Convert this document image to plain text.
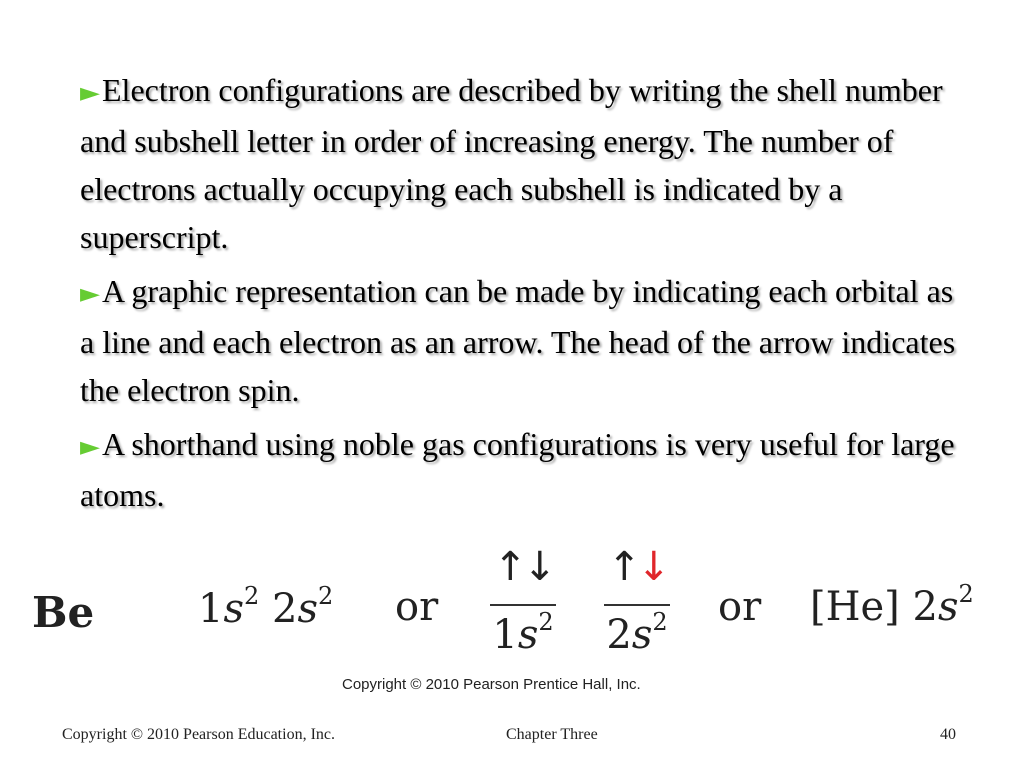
►Electron configurations are described by writing the shell number and subshell letter in order of increasing energy. The number of electrons actually occupying each subshell is indicated by a superscript.

►A graphic representation can be made by indicating each orbital as a line and each electron as an arrow. The head of the arrow indicates the electron spin.

►A shorthand using noble gas configurations is very useful for large atoms.

Be	$1s^2$ $2s^2$ or
↑↓
$1s^2$
↑↓
$2s^2$ or [He] $2s^2$
Copyright © 2010 Pearson Prentice Hall, Inc.
Copyright © 2010 Pearson Education, Inc.	Chapter Three	40
